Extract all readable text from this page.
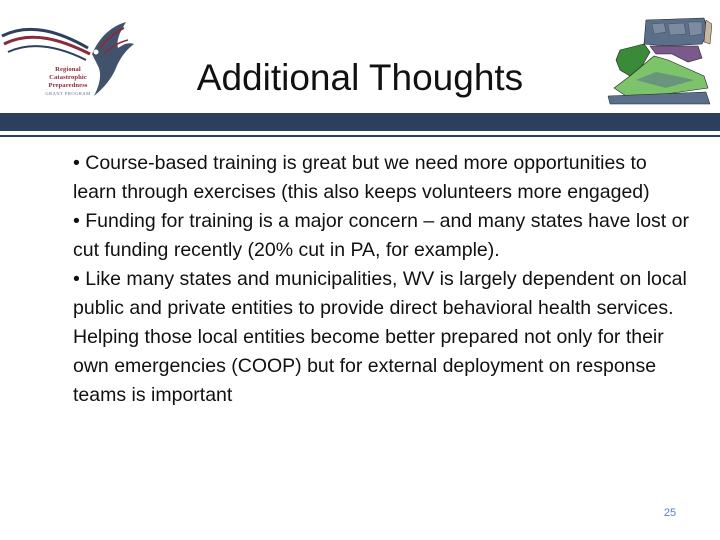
Regional
Catastrophic
Preparedness
GRANT PROGRAM	Additional Thoughts
• Course-based training is great but we need more opportunities to learn through exercises (this also keeps volunteers more engaged)
• Funding for training is a major concern – and many states have lost or cut funding recently (20% cut in PA, for example).
• Like many states and municipalities, WV is largely dependent on local public and private entities to provide direct behavioral health services. Helping those local entities become better prepared not only for their own emergencies (COOP) but for external deployment on response teams is important
25
